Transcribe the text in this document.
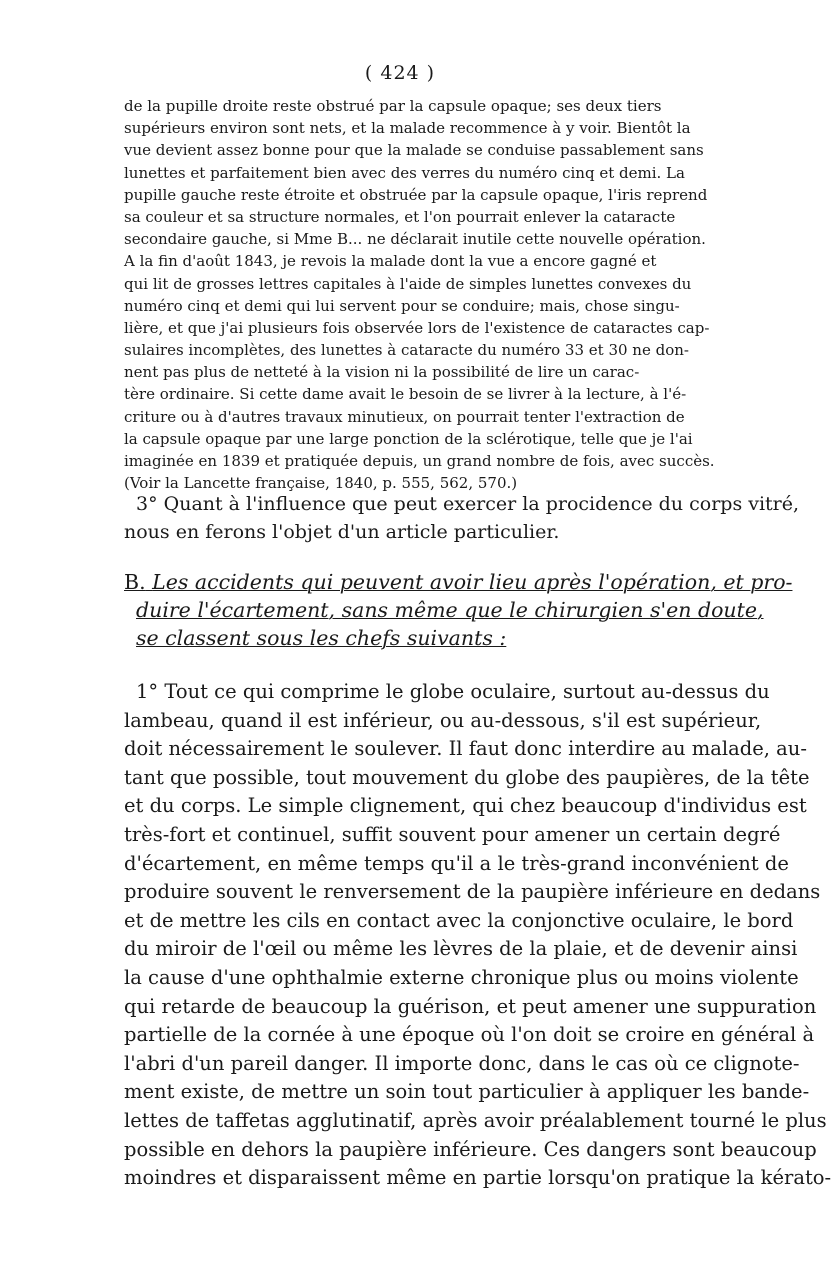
( 424 )
de la pupille droite reste obstrué par la capsule opaque; ses deux tiers
supérieurs environ sont nets, et la malade recommence à y voir. Bientôt la
vue devient assez bonne pour que la malade se conduise passablement sans
lunettes et parfaitement bien avec des verres du numéro cinq et demi. La
pupille gauche reste étroite et obstruée par la capsule opaque, l'iris reprend
sa couleur et sa structure normales, et l'on pourrait enlever la cataracte
secondaire gauche, si Mme B... ne déclarait inutile cette nouvelle opération.
A la fin d'août 1843, je revois la malade dont la vue a encore gagné et
qui lit de grosses lettres capitales à l'aide de simples lunettes convexes du
numéro cinq et demi qui lui servent pour se conduire; mais, chose singu-
lière, et que j'ai plusieurs fois observée lors de l'existence de cataractes cap-
sulaires incomplètes, des lunettes à cataracte du numéro 33 et 30 ne don-
nent pas plus de netteté à la vision ni la possibilité de lire un carac-
tère ordinaire. Si cette dame avait le besoin de se livrer à la lecture, à l'é-
criture ou à d'autres travaux minutieux, on pourrait tenter l'extraction de
la capsule opaque par une large ponction de la sclérotique, telle que je l'ai
imaginée en 1839 et pratiquée depuis, un grand nombre de fois, avec succès.
(Voir la Lancette française, 1840, p. 555, 562, 570.)
3° Quant à l'influence que peut exercer la procidence du corps vitré,
nous en ferons l'objet d'un article particulier.
B. Les accidents qui peuvent avoir lieu après l'opération, et pro-
duire l'écartement, sans même que le chirurgien s'en doute,
se classent sous les chefs suivants :
1° Tout ce qui comprime le globe oculaire, surtout au-dessus du
lambeau, quand il est inférieur, ou au-dessous, s'il est supérieur,
doit nécessairement le soulever. Il faut donc interdire au malade, au-
tant que possible, tout mouvement du globe des paupières, de la tête
et du corps. Le simple clignement, qui chez beaucoup d'individus est
très-fort et continuel, suffit souvent pour amener un certain degré
d'écartement, en même temps qu'il a le très-grand inconvénient de
produire souvent le renversement de la paupière inférieure en dedans
et de mettre les cils en contact avec la conjonctive oculaire, le bord
du miroir de l'œil ou même les lèvres de la plaie, et de devenir ainsi
la cause d'une ophthalmie externe chronique plus ou moins violente
qui retarde de beaucoup la guérison, et peut amener une suppuration
partielle de la cornée à une époque où l'on doit se croire en général à
l'abri d'un pareil danger. Il importe donc, dans le cas où ce clignote-
ment existe, de mettre un soin tout particulier à appliquer les bande-
lettes de taffetas agglutinatif, après avoir préalablement tourné le plus
possible en dehors la paupière inférieure. Ces dangers sont beaucoup
moindres et disparaissent même en partie lorsqu'on pratique la kérato-
